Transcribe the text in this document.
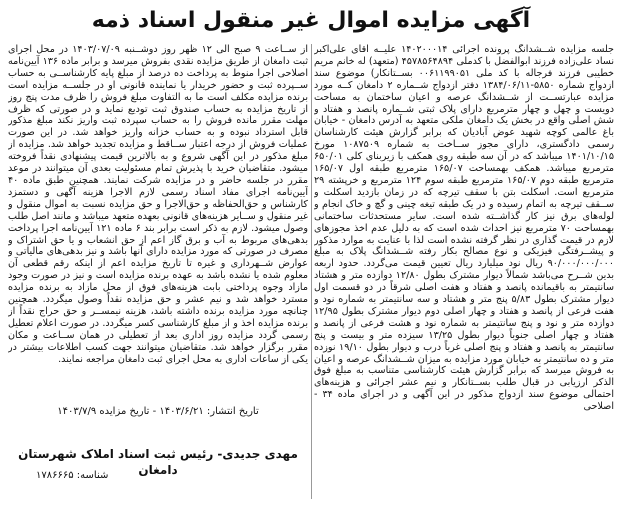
آگهی مزایده اموال غیر منقول اسناد ذمه
جلسه مزایده شــشدانگ پرونده اجرائی ۱۴۰۲۰۰۰۱۴ علیــه آقای علی‌اکبر نساد علی‌زاده فرزند ابوالفضل با کدملی ۴۵۷۸۵۶۴۸۹۴ (متعهد) له خانم مریم خطیبی فرزند فرجاله با کد ملی ۰۰۶۱۱۹۹۰۵۱ بســتانکار) موضوع سند ازدواج شماره ۵۸۵۰-۱۳۸۴/۰۶/۱۱ دفتر ازدواج شــماره ۲ دامغان کــه مورد مزایده عبارتســت از شــشدانگ عرصه و اعیان ساختمان به مساحت دویست و چهل و چهار مترمربع دارای پلاک ثبتی شــماره پانصد و هفتاد و شش اصلی واقع در بخش یک دامغان ملکی متعهد به آدرس دامغان - خیابان باغ عالمی کوچه شهید عوض آبادیان که برابر گزارش هیئت کارشناسان رسمی دادگستری، دارای مجوز ســاخت به شماره ۱۰۸۷۵۰۹ مورخ ۱۴۰۱/۱۰/۱۵ میباشد که در آن سه طبقه روی همکف با زیربنای کلی ۶۵۰/۰۱ مترمربع میباشد. همکف بهمساحت ۱۶۵/۰۷ مترمربع طبقه اول ۱۶۵/۰۷ مترمربع طبقه دوم ۱۶۵/۰۷ مترمربع طبقه سوم ۱۲۴ مترمربع و خرپشته ۲۹ مترمربع است. اسکلت بتن با سقف تیرچه که در زمان بازدید اسکلت و ســقف تیرچه به اتمام رسیده و در یک طبقه تیغه چینی و گچ و خاک انجام و لوله‌های برق نیز کار گذاشــته شده است. سایر مستحدثات ساختمانی بهمساحت ۷۰ مترمربع نیز احداث شده است که به دلیل عدم اخذ مجوزهای لازم در قیمت گذاری در نظر گرفته نشده است لذا با عنایت به موارد مذکور و پیشــرفتگی فیزیکی و نوع مصالح بکار رفته شــشدانگ پلاک به مبلغ ۹۰/۰۰۰/۰۰۰/۰۰۰ ریال نود میلیارد ریال تعیین قیمت می‌گردد. حدود اربعه بدین شــرح می‌باشد شمالاً دیوار مشترک بطول ۱۲/۸۰ دوازده متر و هشتاد سانتیمتر به باقیمانده پانصد و هفتاد و هفت اصلی شرقاً در دو قسمت اول دیوار مشترک بطول ۵/۸۳ پنج متر و هشتاد و سه سانتیمتر به شماره نود و هفت فرعی از پانصد و هفتاد و چهار اصلی دوم دیوار مشترک بطول ۱۲/۹۵ دوازده متر و نود و پنج سانتیمتر به شماره نود و هشت فرعی از پانصد و هفتاد و چهار اصلی جنوباً دیوار بطول ۱۳/۲۵ سیزده متر و بیست و پنج سانتیمتر به پانصد و هفتاد و پنج اصلی غرباً درب و دیوار بطول ۱۹/۱۰ نوزده متر و ده سانتیمتر به خیابان مورد مزایده به میزان شــشدانگ عرصه و اعیان به فروش میرسد که برابر گزارش هیئت کارشناسی متناسب به مبلغ فوق الذکر ارزیابی در قبال طلب بســتانکار و نیم عشر اجرائی و هزینه‌های احتمالی موضوع سند ازدواج مذکور در این آگهی و در اجرای ماده ۳۴ - اصلاحی
از ســاعت ۹ صبح الی ۱۲ ظهر روز دوشــنبه ۱۴۰۳/۰۷/۰۹ در محل اجرای ثبت دامغان از طریق مزایده نقدی بفروش میرسد و برابر ماده ۱۳۶ آیین‌نامه اصلاحی اجرا منوط به پرداخت ده درصد از مبلغ پایه کارشناســی به حساب ســپرده ثبت و حضور خریدار یا نماینده قانونی او در جلســه مزایده است برنده مزایده مکلف است ما به التفاوت مبلغ فروش را ظرف مدت پنج روز از تاریخ مزایده به حساب صندوق ثبت تودیع نماید و در صورتی که ظرف مهلت مقرر مانده فروش را به حساب سپرده ثبت واریز نکند مبلغ مذکور قابل استرداد نبوده و به حساب خزانه واریز خواهد شد. در این صورت عملیات فروش از درجه اعتبار ســاقط و مزایده تجدید خواهد شد. مزایده از مبلغ مذکور در این آگهی شروع و به بالاترین قیمت پیشنهادی نقداً فروخته میشود. متقاضیان خرید با پذیرش تمام مسئولیت بعدی آن میتوانند در موعد مقرر در جلسه حاضر و در مزایده شرکت نمایند. همچنین طبق ماده ۴۰ آیین‌نامه اجرای مفاد اسناد رسمی لازم الاجرا هزینه آگهی و دستمزد کارشناس و حق‌الحفاظه و حق‌الاجرا و حق مزایده نسبت به اموال منقول و غیر منقول و ســایر هزینه‌های قانونی بعهده متعهد میباشد و مانند اصل طلب وصول میشود. لازم به ذکر است برابر بند ۶ ماده ۱۲۱ آیین‌نامه اجرا پرداخت بدهی‌های مربوط به آب و برق گاز اعم از حق انشعاب و یا حق اشتراک و مصرف در صورتی که مورد مزایده دارای آنها باشد و نیز بدهی‌های مالیاتی و عوارض شــهرداری و غیره تا تاریخ مزایده اعم از اینکه رقم قطعی آن معلوم شده یا نشده باشد به عهده برنده مزایده است و نیز در صورت وجود مازاد وجوه پرداختی بابت هزینه‌های فوق از محل مازاد به برنده مزایده مسترد خواهد شد و نیم عشر و حق مزایده نقداً وصول میگردد. همچنین چنانچه مورد مزایده برنده داشته باشد، هزینه نیمســر و حق حراج نقداً از برنده مزایده اخذ و از مبلغ کارشناسی کسر میگردد. در صورت اعلام تعطیل رسمی گردد مزایده روز اداری بعد از تعطیلی در همان ســاعت و مکان مقرر برگزار خواهد شد. متقاضیان میتوانند جهت کسب اطلاعات بیشتر در یکی از ساعات اداری به محل اجرای ثبت دامغان مراجعه نمایند.
تاریخ انتشار: ۱۴۰۳/۶/۲۱ - تاریخ مزایده ۱۴۰۳/۷/۹
مهدی جدیدی- رئیس ثبت اسناد املاک شهرستان دامغان
شناسه: ۱۷۸۶۶۶۵
